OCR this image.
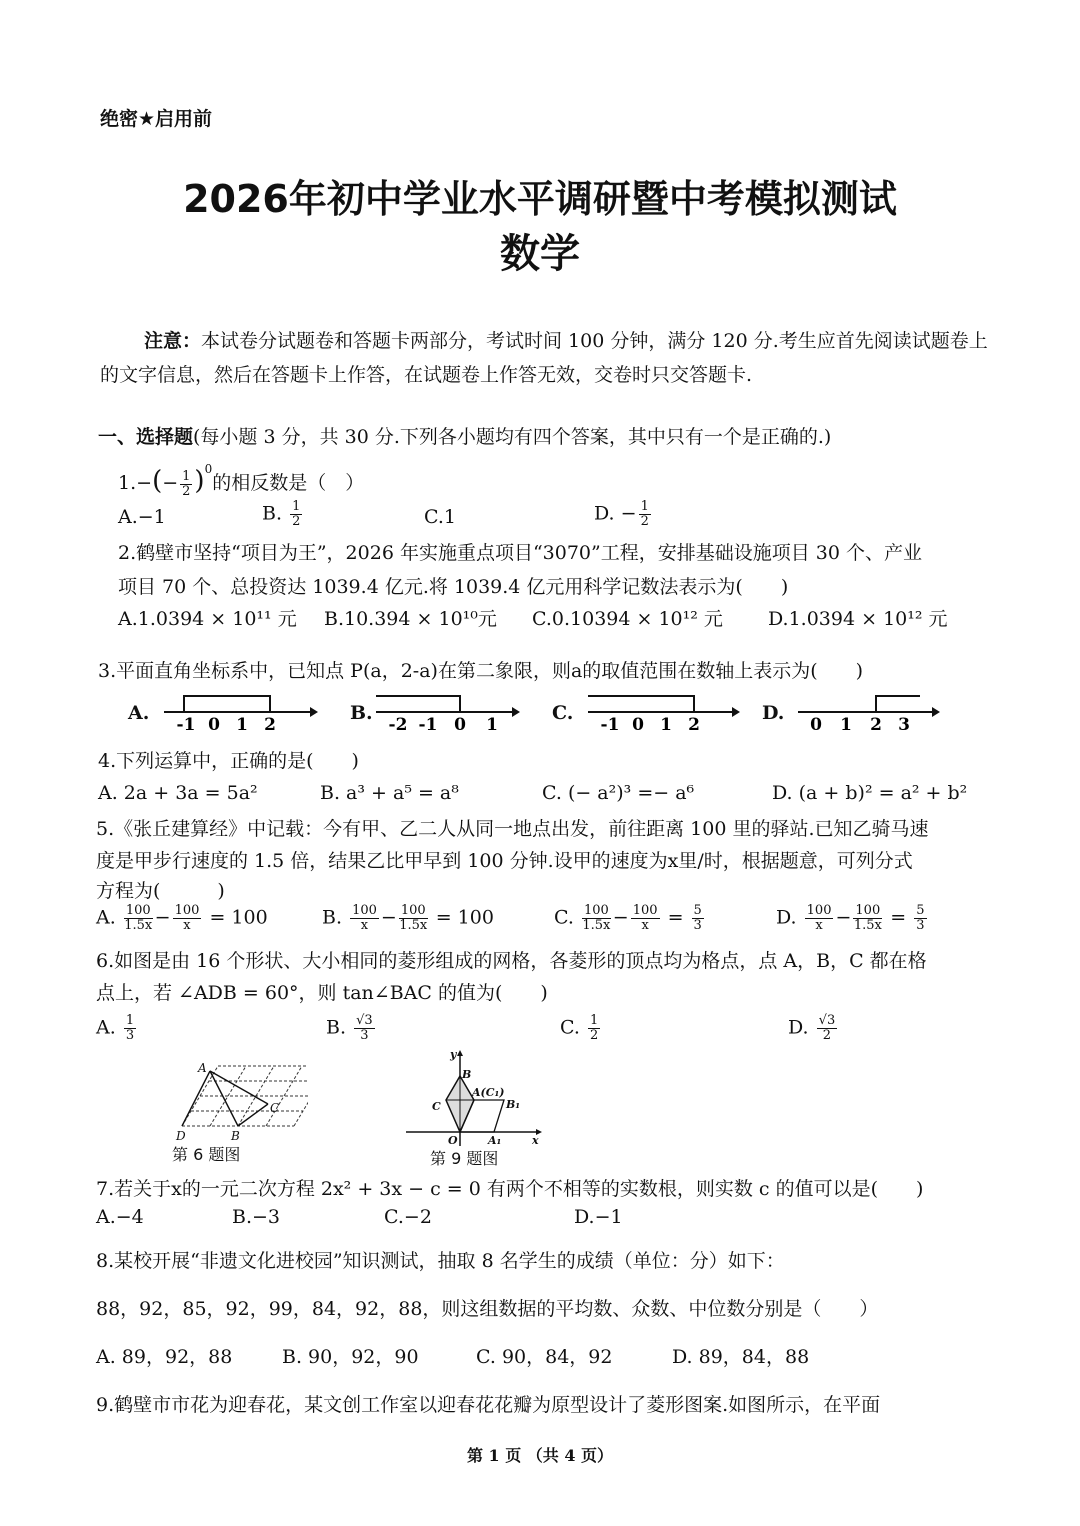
绝密★启用前
2026年初中学业水平调研暨中考模拟测试
数学
注意：本试卷分试题卷和答题卡两部分，考试时间 100 分钟，满分 120 分.考生应首先阅读试题卷上的文字信息，然后在答题卡上作答，在试题卷上作答无效，交卷时只交答题卡.
一、选择题(每小题 3 分，共 30 分.下列各小题均有四个答案，其中只有一个是正确的.)
$1.-(- \frac{1}{2} )^0$的相反数是（　）
A.−1	B. $\frac{1}{2}$	C.1	D. − $\frac{1}{2}$
2.鹤壁市坚持“项目为王”，2026 年实施重点项目“3070”工程，安排基础设施项目 30 个、产业
项目 70 个、总投资达 1039.4 亿元.将 1039.4 亿元用科学记数法表示为(　　)
A.1.0394 × 10¹¹ 元 B.10.394 × 10¹⁰元 C.0.10394 × 10¹² 元 D.1.0394 × 10¹² 元
3.平面直角坐标系中，已知点 P(a，2-a)在第二象限，则a的取值范围在数轴上表示为(　　)
A.
-1 0 1 2
B.
-2 -1 0 1
C.
-1 0 1 2
D.
0 1 2 3
4.下列运算中，正确的是(　　)
A. 2a + 3a = 5a²	B. a³ + a⁵ = a⁸	C. (− a²)³ =− a⁶	D. (a + b)² = a² + b²
5.《张丘建算经》中记载：今有甲、乙二人从同一地点出发，前往距离 100 里的驿站.已知乙骑马速
度是甲步行速度的 1.5 倍，结果乙比甲早到 100 分钟.设甲的速度为x里/时，根据题意，可列分式
方程为(　　　)
A. $\frac{100}{1.5x} - \frac{100}{x} = 100$	B. $\frac{100}{x} - \frac{100}{1.5x} = 100$	C. $\frac{100}{1.5x} - \frac{100}{x} = \frac{5}{3}$	D. $\frac{100}{x} - \frac{100}{1.5x} = \frac{5}{3}$
6.如图是由 16 个形状、大小相同的菱形组成的网格，各菱形的顶点均为格点，点 A，B，C 都在格
点上，若 ∠ADB = 60°，则 tan∠BAC 的值为(　　)
A. $\frac{1}{3}$	B. $\frac{√3}{3}$	C. $\frac{1}{2}$	D. $\frac{√3}{2}$
A
B
C
D
第 6 题图
y
B
C
A(C₁)
B₁
O	A₁	x
第 9 题图
7.若关于x的一元二次方程 2x² + 3x − c = 0 有两个不相等的实数根，则实数 c 的值可以是(　　)
A.−4	B.−3	C.−2	D.−1
8.某校开展“非遗文化进校园”知识测试，抽取 8 名学生的成绩（单位：分）如下：
88，92，85，92，99，84，92，88，则这组数据的平均数、众数、中位数分别是（　　）
A. 89，92，88	B. 90，92，90	C. 90，84，92	D. 89，84，88
9.鹤壁市市花为迎春花，某文创工作室以迎春花花瓣为原型设计了菱形图案.如图所示，在平面
第 1 页 （共 4 页）
